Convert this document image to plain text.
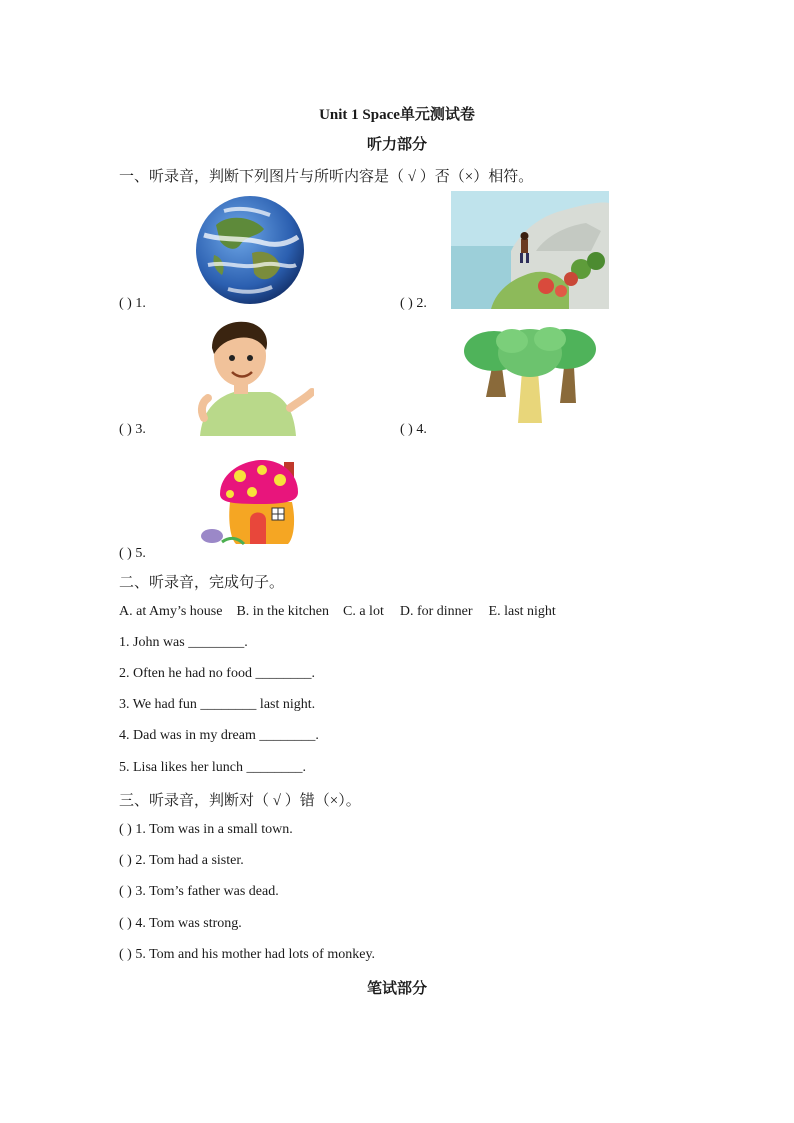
Unit 1 Space单元测试卷
听力部分
一、听录音，判断下列图片与所听内容是（ √ ）否（×）相符。
( ) 1.	( ) 2.
( ) 3.	( ) 4.
( ) 5.
二、听录音，完成句子。
A. at Amy’s house B. in the kitchen C. a lot D. for dinner E. last night
1. John was ________.
2. Often he had no food ________.
3. We had fun ________ last night.
4. Dad was in my dream ________.
5. Lisa likes her lunch ________.
三、听录音，判断对（ √ ）错（×）。
( ) 1. Tom was in a small town.
( ) 2. Tom had a sister.
( ) 3. Tom’s father was dead.
( ) 4. Tom was strong.
( ) 5. Tom and his mother had lots of monkey.
笔试部分
